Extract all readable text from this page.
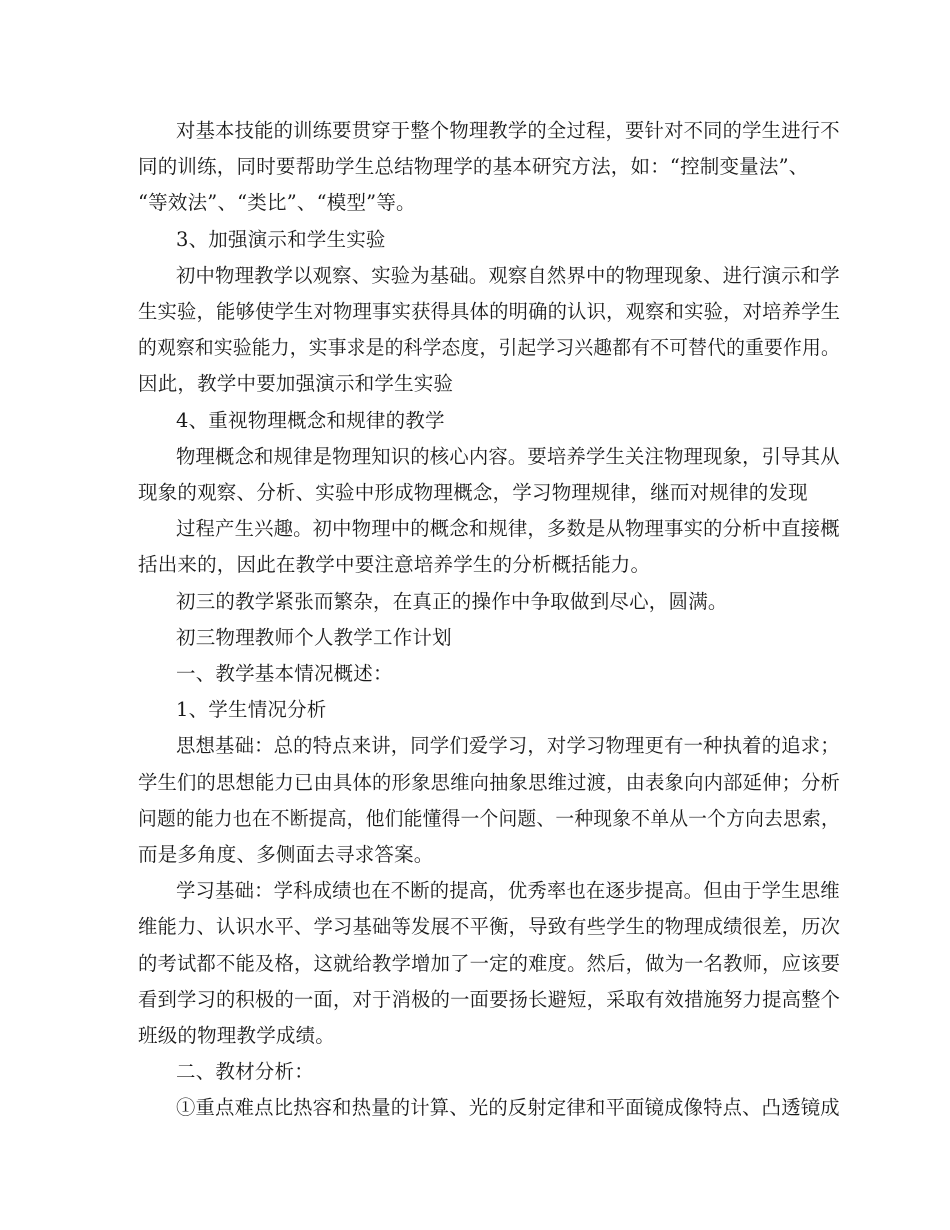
对基本技能的训练要贯穿于整个物理教学的全过程，要针对不同的学生进行不
同的训练，同时要帮助学生总结物理学的基本研究方法，如：“控制变量法”、
“等效法”、“类比”、“模型”等。
3、加强演示和学生实验
初中物理教学以观察、实验为基础。观察自然界中的物理现象、进行演示和学
生实验，能够使学生对物理事实获得具体的明确的认识，观察和实验，对培养学生
的观察和实验能力，实事求是的科学态度，引起学习兴趣都有不可替代的重要作用。
因此，教学中要加强演示和学生实验
4、重视物理概念和规律的教学
物理概念和规律是物理知识的核心内容。要培养学生关注物理现象，引导其从
现象的观察、分析、实验中形成物理概念，学习物理规律，继而对规律的发现
过程产生兴趣。初中物理中的概念和规律，多数是从物理事实的分析中直接概
括出来的，因此在教学中要注意培养学生的分析概括能力。
初三的教学紧张而繁杂，在真正的操作中争取做到尽心，圆满。
初三物理教师个人教学工作计划
一、教学基本情况概述：
1、学生情况分析
思想基础：总的特点来讲，同学们爱学习，对学习物理更有一种执着的追求；
学生们的思想能力已由具体的形象思维向抽象思维过渡，由表象向内部延伸；分析
问题的能力也在不断提高，他们能懂得一个问题、一种现象不单从一个方向去思索，
而是多角度、多侧面去寻求答案。
学习基础：学科成绩也在不断的提高，优秀率也在逐步提高。但由于学生思维
维能力、认识水平、学习基础等发展不平衡，导致有些学生的物理成绩很差，历次
的考试都不能及格，这就给教学增加了一定的难度。然后，做为一名教师，应该要
看到学习的积极的一面，对于消极的一面要扬长避短，采取有效措施努力提高整个
班级的物理教学成绩。
二、教材分析：
①重点难点比热容和热量的计算、光的反射定律和平面镜成像特点、凸透镜成
